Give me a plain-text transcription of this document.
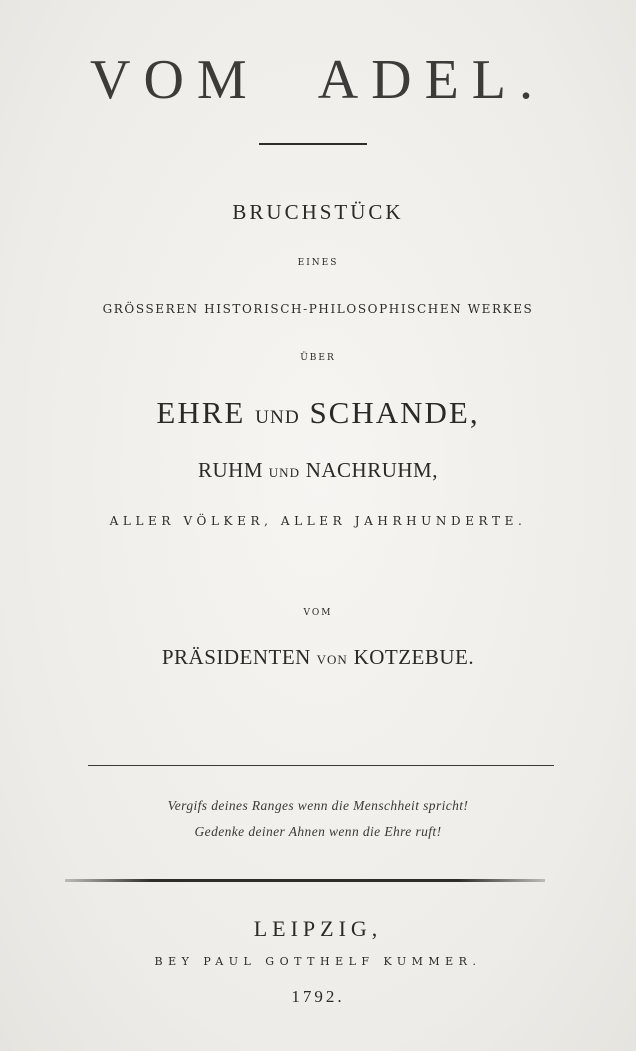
VOM ADEL.
BRUCHSTÜCK
EINES
GRÖSSEREN HISTORISCH-PHILOSOPHISCHEN WERKES
ÜBER
EHRE UND SCHANDE,
RUHM UND NACHRUHM,
ALLER VÖLKER, ALLER JAHRHUNDERTE.
VOM
PRÄSIDENTEN VON KOTZEBUE.
Vergifs deines Ranges wenn die Menschheit spricht!
Gedenke deiner Ahnen wenn die Ehre ruft!
LEIPZIG,
BEY PAUL GOTTHELF KUMMER.
1792.
